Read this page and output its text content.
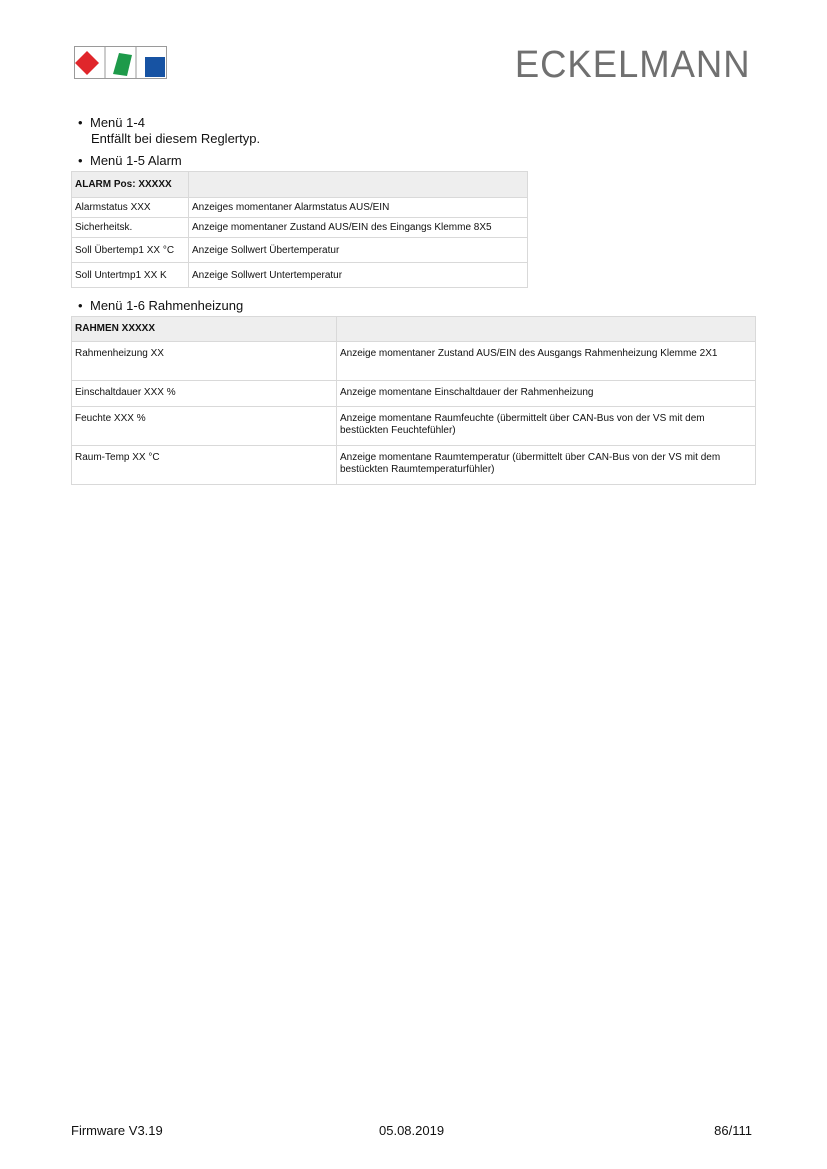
ECKELMANN
• Menü 1-4
Entfällt bei diesem Reglertyp.
• Menü 1-5 Alarm
ALARM Pos: XXXXX	
Alarmstatus XXX	Anzeiges momentaner Alarmstatus AUS/EIN
Sicherheitsk.	Anzeige momentaner Zustand AUS/EIN des Eingangs Klemme 8X5
Soll Übertemp1 XX °C	Anzeige Sollwert Übertemperatur
Soll Untertmp1 XX K	Anzeige Sollwert Untertemperatur
• Menü 1-6 Rahmenheizung
RAHMEN XXXXX	
Rahmenheizung XX	Anzeige momentaner Zustand AUS/EIN des Ausgangs Rahmenheizung Klemme 2X1
Einschaltdauer XXX %	Anzeige momentane Einschaltdauer der Rahmenheizung
Feuchte XXX %	Anzeige momentane Raumfeuchte (übermittelt über CAN-Bus von der VS mit dem bestückten Feuchtefühler)
Raum-Temp XX °C	Anzeige momentane Raumtemperatur (übermittelt über CAN-Bus von der VS mit dem bestückten Raumtemperaturfühler)
Firmware V3.19	05.08.2019	86/111
